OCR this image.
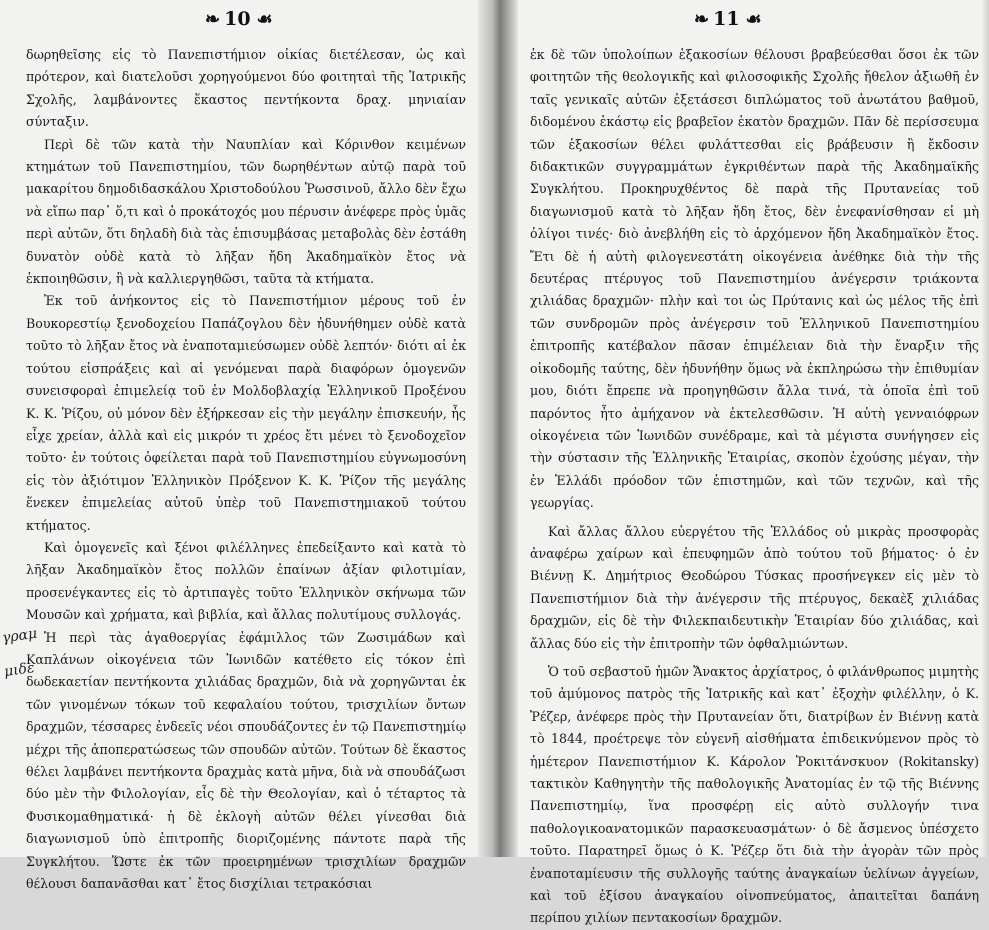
❧ 10 ☙

δωρηθεῖσης εἰς τὸ Πανεπιστήμιον οἰκίας διετέλεσαν, ὡς καὶ πρότερον, καὶ διατελοῦσι χορηγούμενοι δύο φοιτηταὶ τῆς Ἰατρικῆς Σχολῆς, λαμβάνοντες ἕκαστος πεντήκοντα δραχ. μηνιαίαν σύνταξιν.

Περὶ δὲ τῶν κατὰ τὴν Ναυπλίαν καὶ Κόρινθον κειμένων κτημάτων τοῦ Πανεπιστημίου, τῶν δωρηθέντων αὐτῷ παρὰ τοῦ μακαρίτου δημοδιδασκάλου Χριστοδούλου Ῥωσσινοῦ, ἄλλο δὲν ἔχω νὰ εἴπω παρ᾽ ὅ,τι καὶ ὁ προκάτοχός μου πέρυσιν ἀνέφερε πρὸς ὑμᾶς περὶ αὐτῶν, ὅτι δηλαδὴ διὰ τὰς ἐπισυμβάσας μεταβολὰς δὲν ἐστάθη δυνατὸν οὐδὲ κατὰ τὸ λῆξαν ἤδη Ἀκαδημαϊκὸν ἔτος νὰ ἐκποιηθῶσιν, ἢ νὰ καλλιεργηθῶσι, ταῦτα τὰ κτήματα.

Ἐκ τοῦ ἀνήκοντος εἰς τὸ Πανεπιστήμιον μέρους τοῦ ἐν Βουκορεστίῳ ξενοδοχείου Παπάζογλου δὲν ἠδυνήθημεν οὐδὲ κατὰ τοῦτο τὸ λῆξαν ἔτος νὰ ἐναποταμιεύσωμεν οὐδὲ λεπτόν· διότι αἱ ἐκ τούτου εἰσπράξεις καὶ αἱ γενόμεναι παρὰ διαφόρων ὁμογενῶν συνεισφοραὶ ἐπιμελείᾳ τοῦ ἐν Μολδοβλαχίᾳ Ἑλληνικοῦ Προξένου Κ. Κ. Ῥίζου, οὐ μόνον δὲν ἐξήρκεσαν εἰς τὴν μεγάλην ἐπισκευήν, ἧς εἶχε χρείαν, ἀλλὰ καὶ εἰς μικρόν τι χρέος ἔτι μένει τὸ ξενοδοχεῖον τοῦτο· ἐν τούτοις ὀφείλεται παρὰ τοῦ Πανεπιστημίου εὐγνωμοσύνη εἰς τὸν ἀξιότιμον Ἑλληνικὸν Πρόξενον Κ. Κ. Ῥίζον τῆς μεγάλης ἕνεκεν ἐπιμελείας αὐτοῦ ὑπὲρ τοῦ Πανεπιστημιακοῦ τούτου κτήματος.

Καὶ ὁμογενεῖς καὶ ξένοι φιλέλληνες ἐπεδείξαντο καὶ κατὰ τὸ λῆξαν Ἀκαδημαϊκὸν ἔτος πολλῶν ἐπαίνων ἀξίαν φιλοτιμίαν, προσενέγκαντες εἰς τὸ ἀρτιπαγὲς τοῦτο Ἑλληνικὸν σκήνωμα τῶν Μουσῶν καὶ χρήματα, καὶ βιβλία, καὶ ἄλλας πολυτίμους συλλογάς.

Ἡ περὶ τὰς ἀγαθοεργίας ἐφάμιλλος τῶν Ζωσιμάδων καὶ Καπλάνων οἰκογένεια τῶν Ἰωνιδῶν κατέθετο εἰς τόκον ἐπὶ δωδεκαετίαν πεντήκοντα χιλιάδας δραχμῶν, διὰ νὰ χορηγῶνται ἐκ τῶν γινομένων τόκων τοῦ κεφαλαίου τούτου, τρισχιλίων ὄντων δραχμῶν, τέσσαρες ἐνδεεῖς νέοι σπουδάζοντες ἐν τῷ Πανεπιστημίῳ μέχρι τῆς ἀποπερατώσεως τῶν σπουδῶν αὐτῶν. Τούτων δὲ ἕκαστος θέλει λαμβάνει πεντήκοντα δραχμὰς κατὰ μῆνα, διὰ νὰ σπουδάζωσι δύο μὲν τὴν Φιλολογίαν, εἷς δὲ τὴν Θεολογίαν, καὶ ὁ τέταρτος τὰ Φυσικομαθηματικά· ἡ δὲ ἐκλογὴ αὐτῶν θέλει γίνεσθαι διὰ διαγωνισμοῦ ὑπὸ ἐπιτροπῆς διοριζομένης πάντοτε παρὰ τῆς Συγκλήτου. Ὥστε ἐκ τῶν προειρημένων τρισχιλίων δραχμῶν θέλουσι δαπανᾶσθαι κατ᾽ ἔτος δισχίλιαι τετρακόσιαι

γραμ
μιδε
❧ 11 ☙

ἐκ δὲ τῶν ὑπολοίπων ἑξακοσίων θέλουσι βραβεύεσθαι ὅσοι ἐκ τῶν φοιτητῶν τῆς θεολογικῆς καὶ φιλοσοφικῆς Σχολῆς ἤθελον ἀξιωθῆ ἐν ταῖς γενικαῖς αὐτῶν ἐξετάσεσι διπλώματος τοῦ ἀνωτάτου βαθμοῦ, διδομένου ἑκάστῳ εἰς βραβεῖον ἑκατὸν δραχμῶν. Πᾶν δὲ περίσσευμα τῶν ἑξακοσίων θέλει φυλάττεσθαι εἰς βράβευσιν ἢ ἔκδοσιν διδακτικῶν συγγραμμάτων ἐγκριθέντων παρὰ τῆς Ἀκαδημαϊκῆς Συγκλήτου. Προκηρυχθέντος δὲ παρὰ τῆς Πρυτανείας τοῦ διαγωνισμοῦ κατὰ τὸ λῆξαν ἤδη ἔτος, δὲν ἐνεφανίσθησαν εἰ μὴ ὀλίγοι τινές· διὸ ἀνεβλήθη εἰς τὸ ἀρχόμενον ἤδη Ἀκαδημαϊκὸν ἔτος. Ἔτι δὲ ἡ αὐτὴ φιλογενεστάτη οἰκογένεια ἀνέθηκε διὰ τὴν τῆς δευτέρας πτέρυγος τοῦ Πανεπιστημίου ἀνέγερσιν τριάκοντα χιλιάδας δραχμῶν· πλὴν καὶ τοι ὡς Πρύτανις καὶ ὡς μέλος τῆς ἐπὶ τῶν συνδρομῶν πρὸς ἀνέγερσιν τοῦ Ἑλληνικοῦ Πανεπιστημίου ἐπιτροπῆς κατέβαλον πᾶσαν ἐπιμέλειαν διὰ τὴν ἔναρξιν τῆς οἰκοδομῆς ταύτης, δὲν ἠδυνήθην ὅμως νὰ ἐκπληρώσω τὴν ἐπιθυμίαν μου, διότι ἔπρεπε νὰ προηγηθῶσιν ἄλλα τινά, τὰ ὁποῖα ἐπὶ τοῦ παρόντος ἦτο ἀμήχανον νὰ ἐκτελεσθῶσιν. Ἡ αὐτὴ γενναιόφρων οἰκογένεια τῶν Ἰωνιδῶν συνέδραμε, καὶ τὰ μέγιστα συνήγησεν εἰς τὴν σύστασιν τῆς Ἑλληνικῆς Ἑταιρίας, σκοπὸν ἐχούσης μέγαν, τὴν ἐν Ἑλλάδι πρόοδον τῶν ἐπιστημῶν, καὶ τῶν τεχνῶν, καὶ τῆς γεωργίας.

Καὶ ἄλλας ἄλλου εὐεργέτου τῆς Ἑλλάδος οὐ μικρὰς προσφορὰς ἀναφέρω χαίρων καὶ ἐπευφημῶν ἀπὸ τούτου τοῦ βήματος· ὁ ἐν Βιέννῃ Κ. Δημήτριος Θεοδώρου Τύσκας προσήνεγκεν εἰς μὲν τὸ Πανεπιστήμιον διὰ τὴν ἀνέγερσιν τῆς πτέρυγος, δεκαὲξ χιλιάδας δραχμῶν, εἰς δὲ τὴν Φιλεκπαιδευτικὴν Ἑταιρίαν δύο χιλιάδας, καὶ ἄλλας δύο εἰς τὴν ἐπιτροπὴν τῶν ὀφθαλμιώντων.

Ὁ τοῦ σεβαστοῦ ἡμῶν Ἄνακτος ἀρχίατρος, ὁ φιλάνθρωπος μιμητὴς τοῦ ἀμύμονος πατρὸς τῆς Ἰατρικῆς καὶ κατ᾽ ἐξοχὴν φιλέλλην, ὁ Κ. Ῥέζερ, ἀνέφερε πρὸς τὴν Πρυτανείαν ὅτι, διατρίβων ἐν Βιέννῃ κατὰ τὸ 1844, προέτρεψε τὸν εὐγενῆ αἰσθήματα ἐπιδεικνύμενον πρὸς τὸ ἡμέτερον Πανεπιστήμιον Κ. Κάρολον Ῥοκιτάνσκυον (Rokitansky) τακτικὸν Καθηγητὴν τῆς παθολογικῆς Ἀνατομίας ἐν τῷ τῆς Βιέννης Πανεπιστημίῳ, ἵνα προσφέρῃ εἰς αὐτὸ συλλογήν τινα παθολογικοανατομικῶν παρασκευασμάτων· ὁ δὲ ἄσμενος ὑπέσχετο τοῦτο. Παρατηρεῖ ὅμως ὁ Κ. Ῥέζερ ὅτι διὰ τὴν ἀγορὰν τῶν πρὸς ἐναποταμίευσιν τῆς συλλογῆς ταύτης ἀναγκαίων ὑελίνων ἀγγείων, καὶ τοῦ ἐξίσου ἀναγκαίου οἰνοπνεύματος, ἀπαιτεῖται δαπάνη περίπου χιλίων πεντακοσίων δραχμῶν.
